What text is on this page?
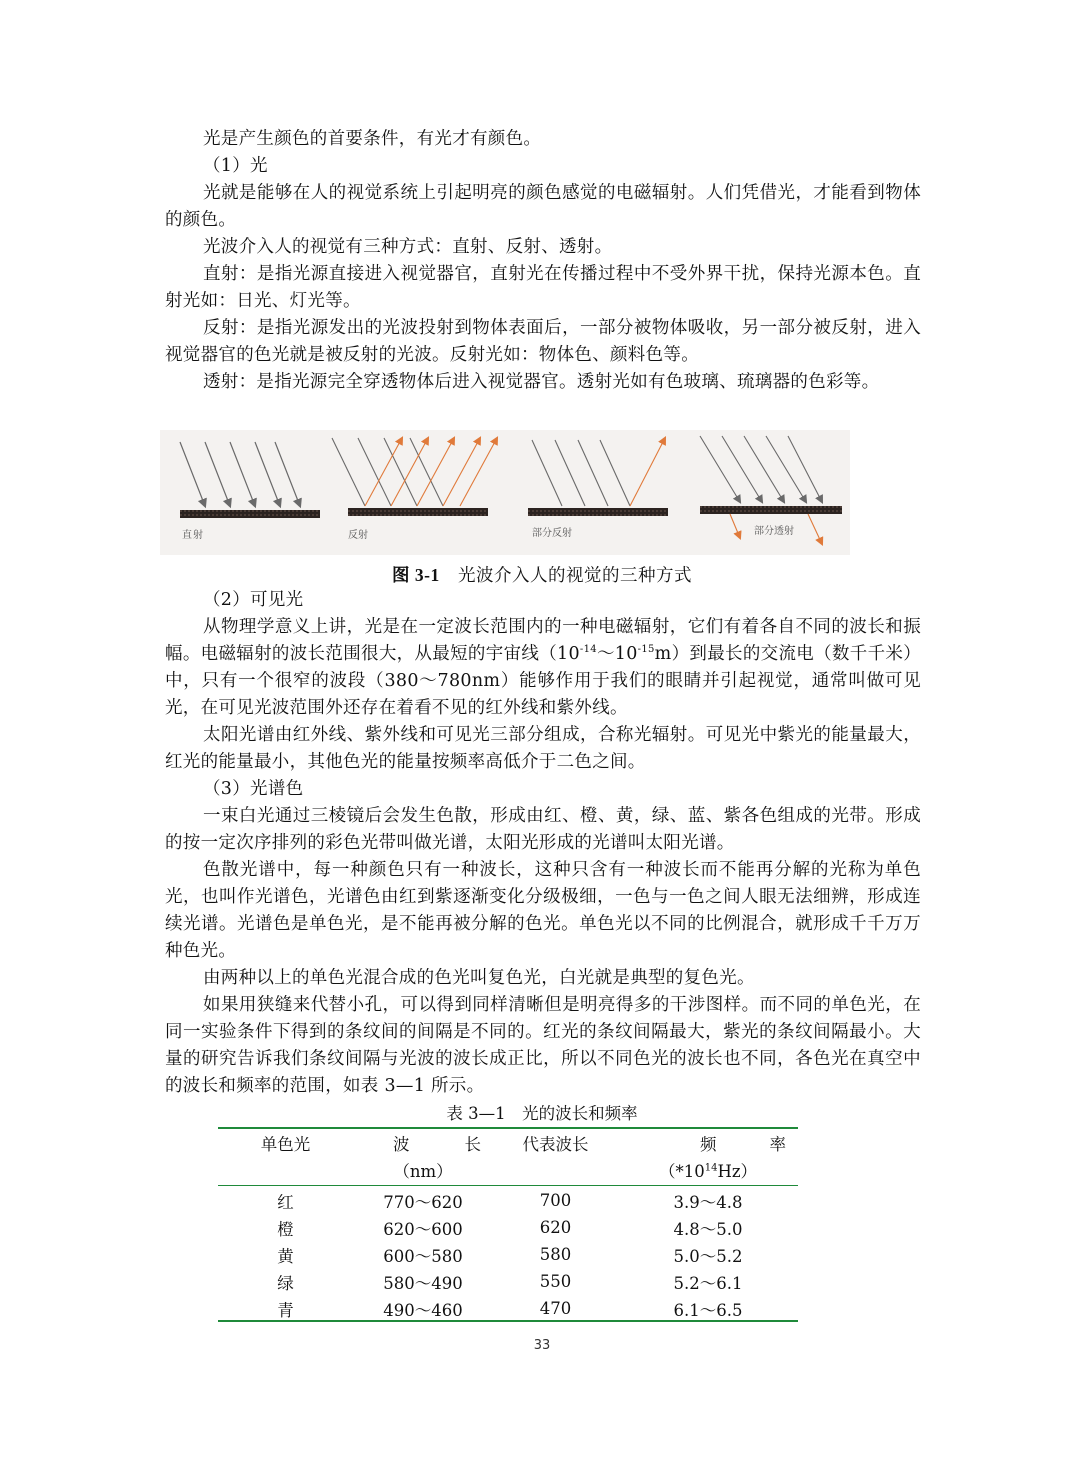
光是产生颜色的首要条件，有光才有颜色。

（1）光

光就是能够在人的视觉系统上引起明亮的颜色感觉的电磁辐射。人们凭借光，才能看到物体的颜色。

光波介入人的视觉有三种方式：直射、反射、透射。

直射：是指光源直接进入视觉器官，直射光在传播过程中不受外界干扰，保持光源本色。直射光如：日光、灯光等。

反射：是指光源发出的光波投射到物体表面后，一部分被物体吸收，另一部分被反射，进入视觉器官的色光就是被反射的光波。反射光如：物体色、颜料色等。

透射：是指光源完全穿透物体后进入视觉器官。透射光如有色玻璃、琉璃器的色彩等。

直射	反射	部分反射	部分透射
图 3-1 光波介入人的视觉的三种方式

（2）可见光

从物理学意义上讲，光是在一定波长范围内的一种电磁辐射，它们有着各自不同的波长和振幅。电磁辐射的波长范围很大，从最短的宇宙线$(10^{-14}\sim 10^{-15}m)$到最长的交流电（数千千米）中，只有一个很窄的波段（380～780nm）能够作用于我们的眼睛并引起视觉，通常叫做可见光，在可见光波范围外还存在着看不见的红外线和紫外线。

太阳光谱由红外线、紫外线和可见光三部分组成，合称光辐射。可见光中紫光的能量最大，红光的能量最小，其他色光的能量按频率高低介于二色之间。

（3）光谱色

一束白光通过三棱镜后会发生色散，形成由红、橙、黄，绿、蓝、紫各色组成的光带。形成的按一定次序排列的彩色光带叫做光谱，太阳光形成的光谱叫太阳光谱。

色散光谱中，每一种颜色只有一种波长，这种只含有一种波长而不能再分解的光称为单色光，也叫作光谱色，光谱色由红到紫逐渐变化分级极细，一色与一色之间人眼无法细辨，形成连续光谱。光谱色是单色光，是不能再被分解的色光。单色光以不同的比例混合，就形成千千万万种色光。

由两种以上的单色光混合成的色光叫复色光，白光就是典型的复色光。

如果用狭缝来代替小孔，可以得到同样清晰但是明亮得多的干涉图样。而不同的单色光，在同一实验条件下得到的条纹间的间隔是不同的。红光的条纹间隔最大，紫光的条纹间隔最小。大量的研究告诉我们条纹间隔与光波的波长成正比，所以不同色光的波长也不同，各色光在真空中的波长和频率的范围，如表 3—1 所示。

表 3—1　光的波长和频率
单色光	波 长	代表波长	频 率

	（nm）		$(*10^{14}Hz)$

红	770～620	700	3.9～4.8
橙	620～600	620	4.8～5.0
黄	600～580	580	5.0～5.2
绿	580～490	550	5.2～6.1
青	490～460	470	6.1～6.5
33
